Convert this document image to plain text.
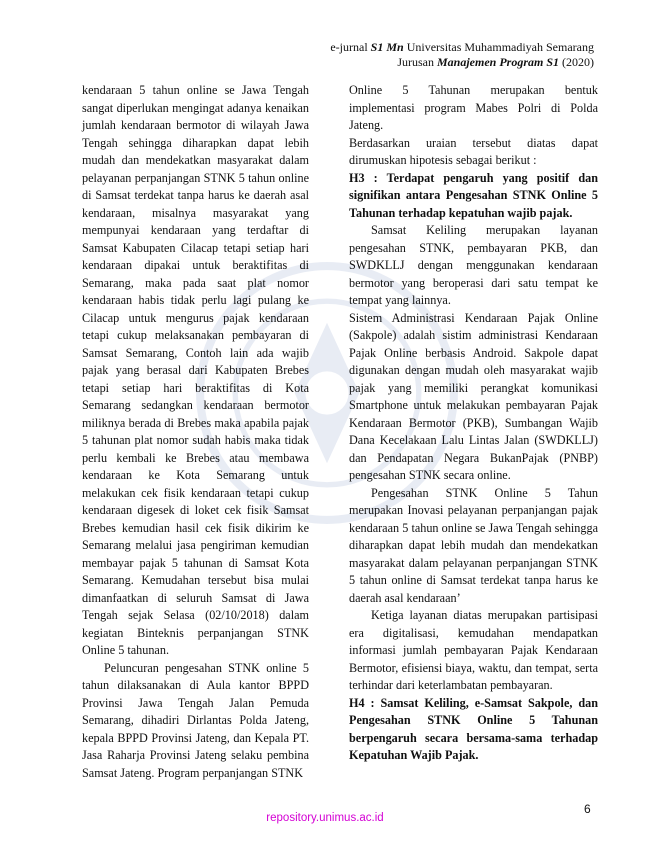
e-jurnal S1 Mn Universitas Muhammadiyah Semarang
Jurusan Manajemen Program S1 (2020)

kendaraan 5 tahun online se Jawa Tengah sangat diperlukan mengingat adanya kenaikan jumlah kendaraan bermotor di wilayah Jawa Tengah sehingga diharapkan dapat lebih mudah dan mendekatkan masyarakat dalam pelayanan perpanjangan STNK 5 tahun online di Samsat terdekat tanpa harus ke daerah asal kendaraan, misalnya masyarakat yang mempunyai kendaraan yang terdaftar di Samsat Kabupaten Cilacap tetapi setiap hari kendaraan dipakai untuk beraktifitas di Semarang, maka pada saat plat nomor kendaraan habis tidak perlu lagi pulang ke Cilacap untuk mengurus pajak kendaraan tetapi cukup melaksanakan pembayaran di Samsat Semarang, Contoh lain ada wajib pajak yang berasal dari Kabupaten Brebes tetapi setiap hari beraktifitas di Kota Semarang sedangkan kendaraan bermotor miliknya berada di Brebes maka apabila pajak 5 tahunan plat nomor sudah habis maka tidak perlu kembali ke Brebes atau membawa kendaraan ke Kota Semarang untuk melakukan cek fisik kendaraan tetapi cukup kendaraan digesek di loket cek fisik Samsat Brebes kemudian hasil cek fisik dikirim ke Semarang melalui jasa pengiriman kemudian membayar pajak 5 tahunan di Samsat Kota Semarang. Kemudahan tersebut bisa mulai dimanfaatkan di seluruh Samsat di Jawa Tengah sejak Selasa (02/10/2018) dalam kegiatan Binteknis perpanjangan STNK Online 5 tahunan.

Peluncuran pengesahan STNK online 5 tahun dilaksanakan di Aula kantor BPPD Provinsi Jawa Tengah Jalan Pemuda Semarang, dihadiri Dirlantas Polda Jateng, kepala BPPD Provinsi Jateng, dan Kepala PT. Jasa Raharja Provinsi Jateng selaku pembina Samsat Jateng. Program perpanjangan STNK

Online 5 Tahunan merupakan bentuk implementasi program Mabes Polri di Polda Jateng.

Berdasarkan uraian tersebut diatas dapat dirumuskan hipotesis sebagai berikut :

H3 : Terdapat pengaruh yang positif dan signifikan antara Pengesahan STNK Online 5 Tahunan terhadap kepatuhan wajib pajak.

Samsat Keliling merupakan layanan pengesahan STNK, pembayaran PKB, dan SWDKLLJ dengan menggunakan kendaraan bermotor yang beroperasi dari satu tempat ke tempat yang lainnya.

Sistem Administrasi Kendaraan Pajak Online (Sakpole) adalah sistim administrasi Kendaraan Pajak Online berbasis Android. Sakpole dapat digunakan dengan mudah oleh masyarakat wajib pajak yang memiliki perangkat komunikasi Smartphone untuk melakukan pembayaran Pajak Kendaraan Bermotor (PKB), Sumbangan Wajib Dana Kecelakaan Lalu Lintas Jalan (SWDKLLJ) dan Pendapatan Negara BukanPajak (PNBP) pengesahan STNK secara online.

Pengesahan STNK Online 5 Tahun merupakan Inovasi pelayanan perpanjangan pajak kendaraan 5 tahun online se Jawa Tengah sehingga diharapkan dapat lebih mudah dan mendekatkan masyarakat dalam pelayanan perpanjangan STNK 5 tahun online di Samsat terdekat tanpa harus ke daerah asal kendaraan’

Ketiga layanan diatas merupakan partisipasi era digitalisasi, kemudahan mendapatkan informasi jumlah pembayaran Pajak Kendaraan Bermotor, efisiensi biaya, waktu, dan tempat, serta terhindar dari keterlambatan pembayaran.

H4 : Samsat Keliling, e-Samsat Sakpole, dan Pengesahan STNK Online 5 Tahunan berpengaruh secara bersama-sama terhadap Kepatuhan Wajib Pajak.

6
repository.unimus.ac.id
